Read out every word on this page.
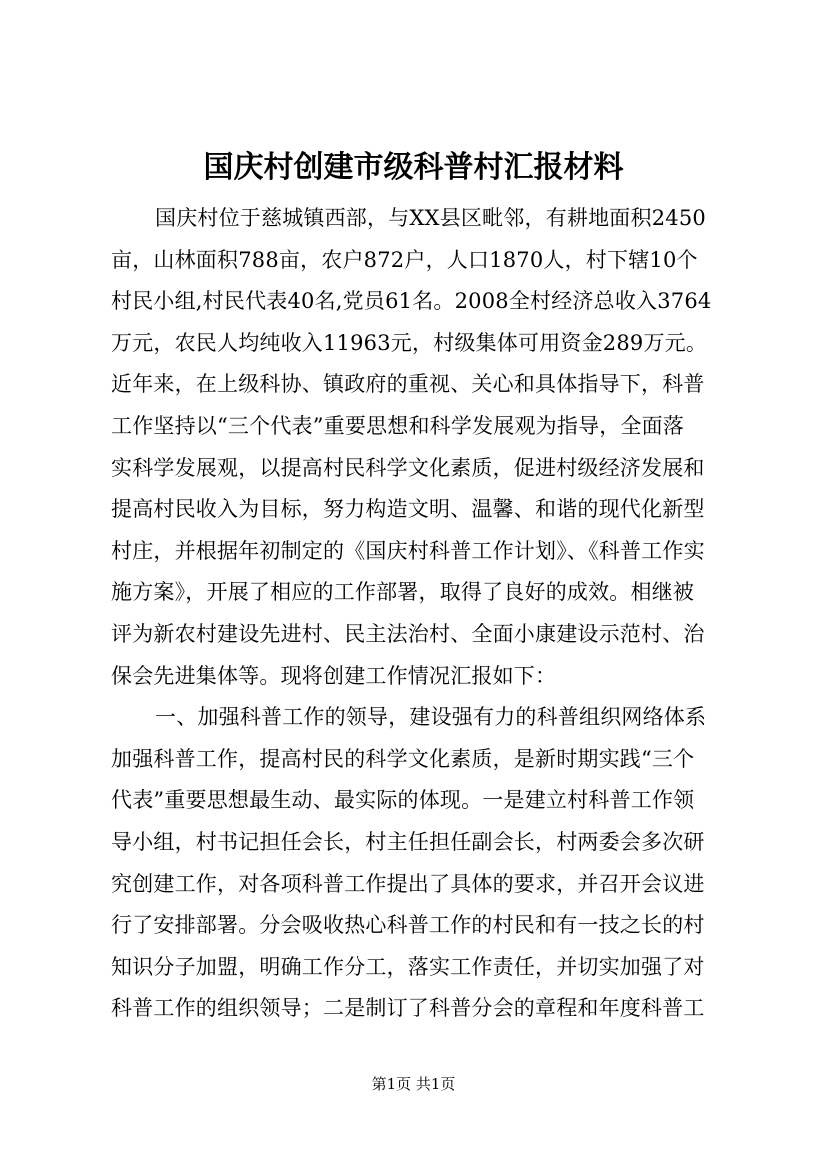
国庆村创建市级科普村汇报材料
国庆村位于慈城镇西部，与XX县区毗邻，有耕地面积2450
亩，山林面积788亩，农户872户，人口1870人，村下辖10个
村民小组,村民代表40名,党员61名。2008全村经济总收入3764
万元，农民人均纯收入11963元，村级集体可用资金289万元。
近年来，在上级科协、镇政府的重视、关心和具体指导下，科普
工作坚持以“三个代表”重要思想和科学发展观为指导，全面落
实科学发展观，以提高村民科学文化素质，促进村级经济发展和
提高村民收入为目标，努力构造文明、温馨、和谐的现代化新型
村庄，并根据年初制定的《国庆村科普工作计划》、《科普工作实
施方案》，开展了相应的工作部署，取得了良好的成效。相继被
评为新农村建设先进村、民主法治村、全面小康建设示范村、治
保会先进集体等。现将创建工作情况汇报如下：
一、加强科普工作的领导，建设强有力的科普组织网络体系
加强科普工作，提高村民的科学文化素质，是新时期实践“三个
代表”重要思想最生动、最实际的体现。一是建立村科普工作领
导小组，村书记担任会长，村主任担任副会长，村两委会多次研
究创建工作，对各项科普工作提出了具体的要求，并召开会议进
行了安排部署。分会吸收热心科普工作的村民和有一技之长的村
知识分子加盟，明确工作分工，落实工作责任，并切实加强了对
科普工作的组织领导；二是制订了科普分会的章程和年度科普工
第1页 共1页
